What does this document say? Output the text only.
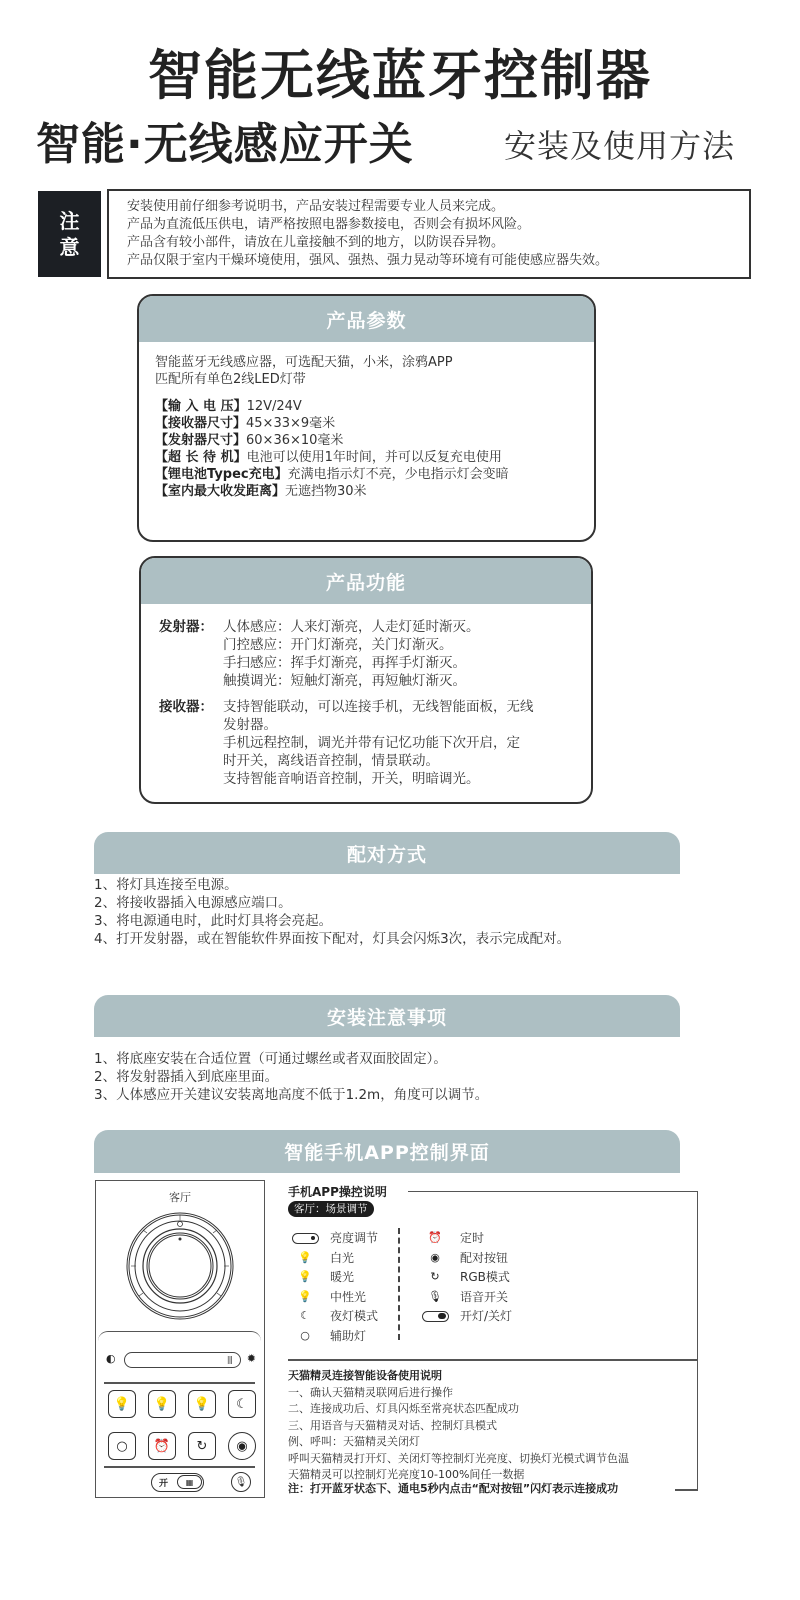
智能无线蓝牙控制器
智能·无线感应开关	安装及使用方法
注
意
安装使用前仔细参考说明书，产品安装过程需要专业人员来完成。
产品为直流低压供电，请严格按照电器参数接电，否则会有损坏风险。
产品含有较小部件，请放在儿童接触不到的地方，以防误吞异物。
产品仅限于室内干燥环境使用，强风、强热、强力晃动等环境有可能使感应器失效。
产品参数
智能蓝牙无线感应器，可选配天猫，小米，涂鸦APP
匹配所有单色2线LED灯带
【输 入 电 压】12V/24V
【接收器尺寸】45×33×9毫米
【发射器尺寸】60×36×10毫米
【超 长 待 机】电池可以使用1年时间，并可以反复充电使用
【锂电池Typec充电】充满电指示灯不亮，少电指示灯会变暗
【室内最大收发距离】无遮挡物30米
产品功能
发射器： 人体感应：人来灯渐亮，人走灯延时渐灭。
门控感应：开门灯渐亮，关门灯渐灭。
手扫感应：挥手灯渐亮，再挥手灯渐灭。
触摸调光：短触灯渐亮，再短触灯渐灭。
接收器： 支持智能联动，可以连接手机，无线智能面板，无线
发射器。
手机远程控制，调光并带有记忆功能下次开启，定
时开关，离线语音控制，情景联动。
支持智能音响语音控制，开关，明暗调光。
配对方式
1、将灯具连接至电源。
2、将接收器插入电源感应端口。
3、将电源通电时，此时灯具将会亮起。
4、打开发射器，或在智能软件界面按下配对，灯具会闪烁3次，表示完成配对。
安装注意事项
1、将底座安装在合适位置（可通过螺丝或者双面胶固定）。
2、将发射器插入到底座里面。
3、人体感应开关建议安装离地高度不低于1.2m，角度可以调节。
智能手机APP控制界面
客厅
◐	||| ✹
💡	💡	💡	☾
○	⏰	↻	◉
开	▦	🎙
手机APP操控说明
客厅：场景调节
亮度调节
💡	白光
💡	暖光
💡	中性光
☾	夜灯模式
○	辅助灯
⏰	定时
◉	配对按钮
↻	RGB模式
🎙	语音开关
开灯/关灯
天猫精灵连接智能设备使用说明
一、确认天猫精灵联网后进行操作
二、连接成功后、灯具闪烁至常亮状态匹配成功
三、用语音与天猫精灵对话、控制灯具模式
例、呼叫：天猫精灵关闭灯
呼叫天猫精灵打开灯、关闭灯等控制灯光亮度、切换灯光模式调节色温
天猫精灵可以控制灯光亮度10-100%间任一数据
注：打开蓝牙状态下、通电5秒内点击“配对按钮”闪灯表示连接成功
